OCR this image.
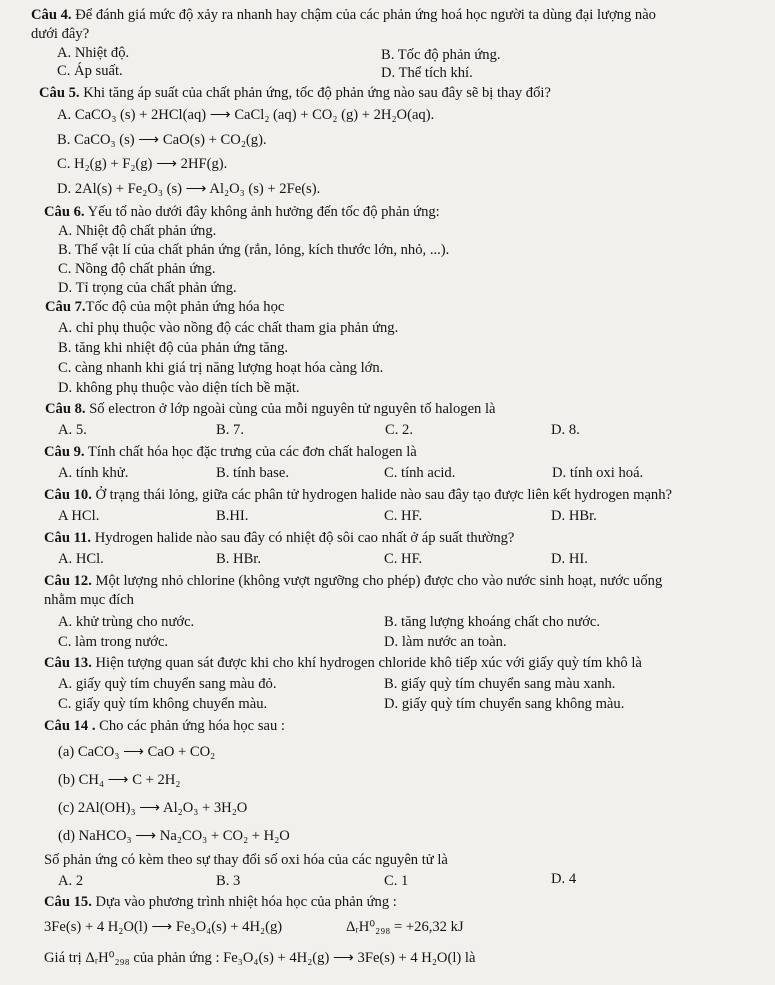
Câu 4. Để đánh giá mức độ xảy ra nhanh hay chậm của các phản ứng hoá học người ta dùng đại lượng nào
dưới đây?
A. Nhiệt độ.	B. Tốc độ phản ứng.
C. Áp suất.	D. Thể tích khí.
Câu 5. Khi tăng áp suất của chất phản ứng, tốc độ phản ứng nào sau đây sẽ bị thay đổi?
A. CaCO₃ (s) + 2HCl(aq) ⟶ CaCl₂ (aq) + CO₂ (g) + 2H₂O(aq).
B. CaCO₃ (s) ⟶ CaO(s) + CO₂(g).
C. H₂(g) + F₂(g) ⟶ 2HF(g).
D. 2Al(s) + Fe₂O₃ (s) ⟶ Al₂O₃ (s) + 2Fe(s).
Câu 6. Yếu tố nào dưới đây không ảnh hưởng đến tốc độ phản ứng:
A. Nhiệt độ chất phản ứng.
B. Thể vật lí của chất phản ứng (rắn, lỏng, kích thước lớn, nhỏ, ...).
C. Nồng độ chất phản ứng.
D. Tỉ trọng của chất phản ứng.
Câu 7.Tốc độ của một phản ứng hóa học
A. chỉ phụ thuộc vào nồng độ các chất tham gia phản ứng.
B. tăng khi nhiệt độ của phản ứng tăng.
C. càng nhanh khi giá trị năng lượng hoạt hóa càng lớn.
D. không phụ thuộc vào diện tích bề mặt.
Câu 8. Số electron ở lớp ngoài cùng của mỗi nguyên tử nguyên tố halogen là
A. 5.	B. 7.	C. 2.	D. 8.
Câu 9. Tính chất hóa học đặc trưng của các đơn chất halogen là
A. tính khử.	B. tính base.	C. tính acid.	D. tính oxi hoá.
Câu 10. Ở trạng thái lỏng, giữa các phân tử hydrogen halide nào sau đây tạo được liên kết hydrogen mạnh?
A HCl.	B.HI.	C. HF.	D. HBr.
Câu 11. Hydrogen halide nào sau đây có nhiệt độ sôi cao nhất ở áp suất thường?
A. HCl.	B. HBr.	C. HF.	D. HI.
Câu 12. Một lượng nhỏ chlorine (không vượt ngưỡng cho phép) được cho vào nước sinh hoạt, nước uống
nhằm mục đích
A. khử trùng cho nước.	B. tăng lượng khoáng chất cho nước.
C. làm trong nước.	D. làm nước an toàn.
Câu 13. Hiện tượng quan sát được khi cho khí hydrogen chloride khô tiếp xúc với giấy quỳ tím khô là
A. giấy quỳ tím chuyển sang màu đỏ.	B. giấy quỳ tím chuyển sang màu xanh.
C. giấy quỳ tím không chuyển màu.	D. giấy quỳ tím chuyển sang không màu.
Câu 14 . Cho các phản ứng hóa học sau :
(a) CaCO₃ ⟶ CaO + CO₂
(b) CH₄ ⟶ C + 2H₂
(c) 2Al(OH)₃ ⟶ Al₂O₃ + 3H₂O
(d) NaHCO₃ ⟶ Na₂CO₃ + CO₂ + H₂O
Số phản ứng có kèm theo sự thay đổi số oxi hóa của các nguyên tử là
A. 2	B. 3	C. 1	D. 4
Câu 15. Dựa vào phương trình nhiệt hóa học của phản ứng :
3Fe(s) + 4 H₂O(l) ⟶ Fe₃O₄(s) + 4H₂(g)	ΔᵣH⁰₂₉₈ = +26,32 kJ
Giá trị ΔᵣH⁰₂₉₈ của phản ứng : Fe₃O₄(s) + 4H₂(g) ⟶ 3Fe(s) + 4 H₂O(l) là
